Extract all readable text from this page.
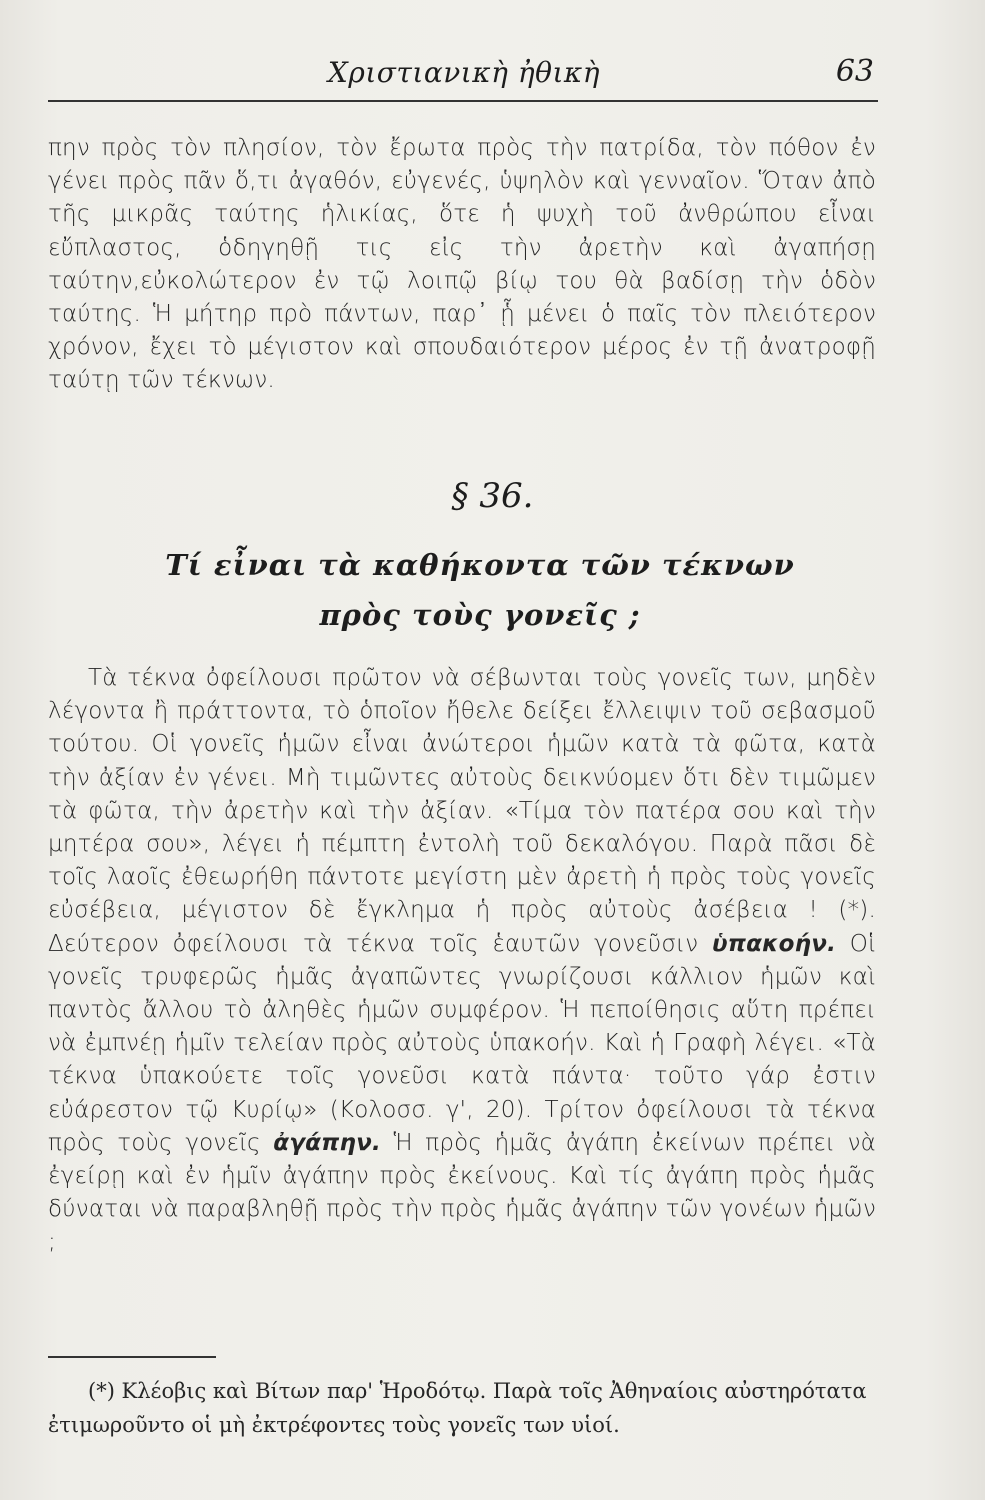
Χριστιανικὴ ἠθικὴ	63
πην πρὸς τὸν πλησίον, τὸν ἔρωτα πρὸς τὴν πατρίδα, τὸν πόθον ἐν γένει πρὸς πᾶν ὅ,τι ἀγαθόν, εὐγενές, ὑψηλὸν καὶ γενναῖον. Ὅταν ἀπὸ τῆς μικρᾶς ταύτης ἡλικίας, ὅτε ἡ ψυχὴ τοῦ ἀνθρώπου εἶναι εὔπλαστος, ὁδηγηθῇ τις εἰς τὴν ἀρετὴν καὶ ἀγαπήσῃ ταύτην,εὐκολώτερον ἐν τῷ λοιπῷ βίῳ του θὰ βαδίσῃ τὴν ὁδὸν ταύτης. Ἡ μήτηρ πρὸ πάντων, παρ᾽ ᾗ μένει ὁ παῖς τὸν πλειότερον χρόνον, ἔχει τὸ μέγιστον καὶ σπουδαιότερον μέρος ἐν τῇ ἀνατροφῇ ταύτῃ τῶν τέκνων.
§ 36.
Τί εἶναι τὰ καθήκοντα τῶν τέκνων
πρὸς τοὺς γονεῖς ;
Τὰ τέκνα ὀφείλουσι πρῶτον νὰ σέβωνται τοὺς γονεῖς των, μηδὲν λέγοντα ἢ πράττοντα, τὸ ὁποῖον ἤθελε δείξει ἔλλειψιν τοῦ σεβασμοῦ τούτου. Οἱ γονεῖς ἡμῶν εἶναι ἀνώτεροι ἡμῶν κατὰ τὰ φῶτα, κατὰ τὴν ἀξίαν ἐν γένει. Μὴ τιμῶντες αὐτοὺς δεικνύομεν ὅτι δὲν τιμῶμεν τὰ φῶτα, τὴν ἀρετὴν καὶ τὴν ἀξίαν. «Τίμα τὸν πατέρα σου καὶ τὴν μητέρα σου», λέγει ἡ πέμπτη ἐντολὴ τοῦ δεκαλόγου. Παρὰ πᾶσι δὲ τοῖς λαοῖς ἐθεωρήθη πάντοτε μεγίστη μὲν ἀρετὴ ἡ πρὸς τοὺς γονεῖς εὐσέβεια, μέγιστον δὲ ἔγκλημα ἡ πρὸς αὐτοὺς ἀσέβεια ! (*). Δεύτερον ὀφείλουσι τὰ τέκνα τοῖς ἑαυτῶν γονεῦσιν ὑπακοήν. Οἱ γονεῖς τρυφερῶς ἡμᾶς ἀγαπῶντες γνωρίζουσι κάλλιον ἡμῶν καὶ παντὸς ἄλλου τὸ ἀληθὲς ἡμῶν συμφέρον. Ἡ πεποίθησις αὕτη πρέπει νὰ ἐμπνέῃ ἡμῖν τελείαν πρὸς αὐτοὺς ὑπακοήν. Καὶ ἡ Γραφὴ λέγει. «Τὰ τέκνα ὑπακούετε τοῖς γονεῦσι κατὰ πάντα· τοῦτο γάρ ἐστιν εὐάρεστον τῷ Κυρίῳ» (Κολοσσ. γ', 20). Τρίτον ὀφείλουσι τὰ τέκνα πρὸς τοὺς γονεῖς ἀγάπην. Ἡ πρὸς ἡμᾶς ἀγάπη ἐκείνων πρέπει νὰ ἐγείρῃ καὶ ἐν ἡμῖν ἀγάπην πρὸς ἐκείνους. Καὶ τίς ἀγάπη πρὸς ἡμᾶς δύναται νὰ παραβληθῇ πρὸς τὴν πρὸς ἡμᾶς ἀγάπην τῶν γονέων ἡμῶν ;
(*) Κλέοβις καὶ Βίτων παρ' Ἡροδότῳ. Παρὰ τοῖς Ἀθηναίοις αὐστηρότατα ἐτιμωροῦντο οἱ μὴ ἐκτρέφοντες τοὺς γονεῖς των υἱοί.
